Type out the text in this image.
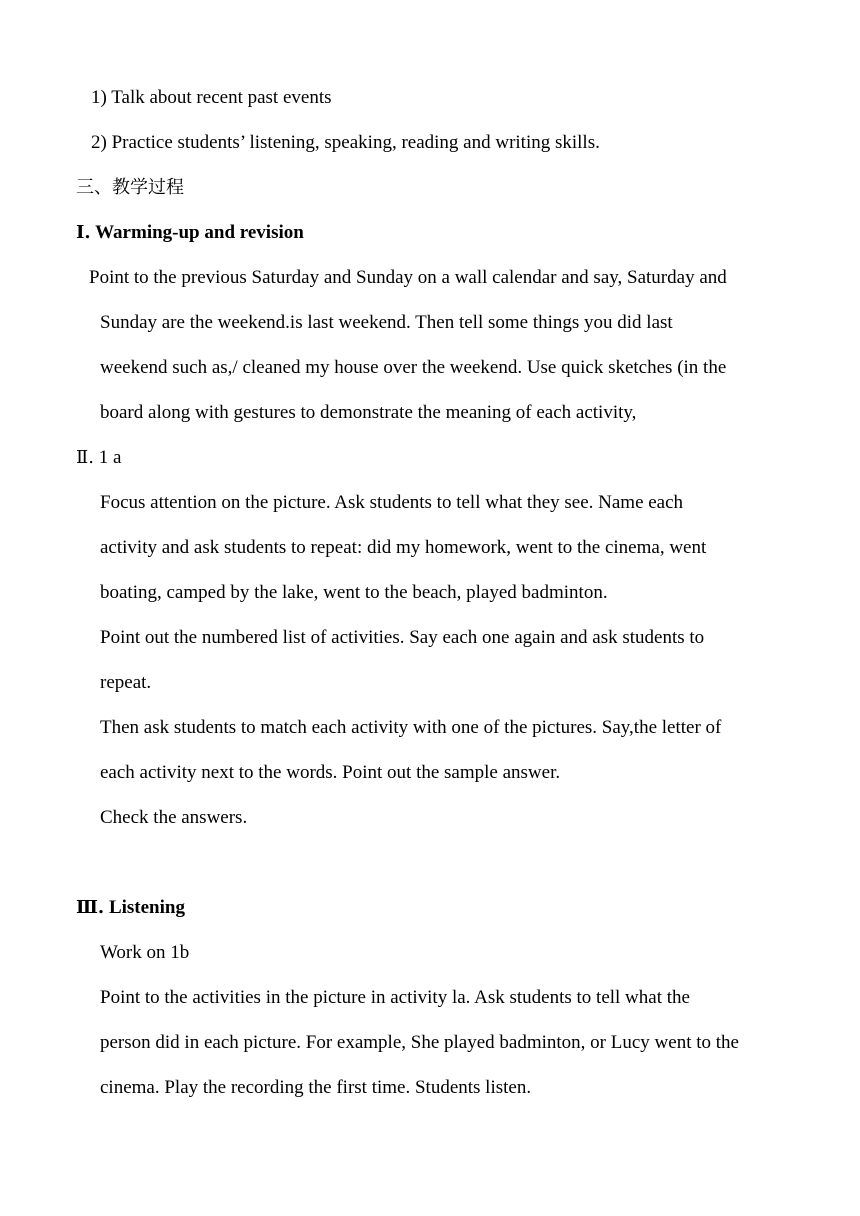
1) Talk about recent past events
2) Practice students’ listening, speaking, reading and writing skills.
三、教学过程
Ⅰ. Warming-up and revision
Point to the previous Saturday and Sunday on a wall calendar and say, Saturday and
Sunday are the weekend.is last weekend. Then tell some things you did last
weekend such as,/ cleaned my house over the weekend. Use quick sketches (in the
board along with gestures to demonstrate the meaning of each activity,
Ⅱ. 1 a
Focus attention on the picture. Ask students to tell what they see. Name each
activity and ask students to repeat: did my homework, went to the cinema, went
boating, camped by the lake, went to the beach, played badminton.
Point out the numbered list of activities. Say each one again and ask students to
repeat.
Then ask students to match each activity with one of the pictures. Say,the letter of
each activity next to the words. Point out the sample answer.
Check the answers.
Ⅲ. Listening
Work on 1b
Point to the activities in the picture in activity la. Ask students to tell what the
person did in each picture. For example, She played badminton, or Lucy went to the
cinema. Play the recording the first time. Students listen.
